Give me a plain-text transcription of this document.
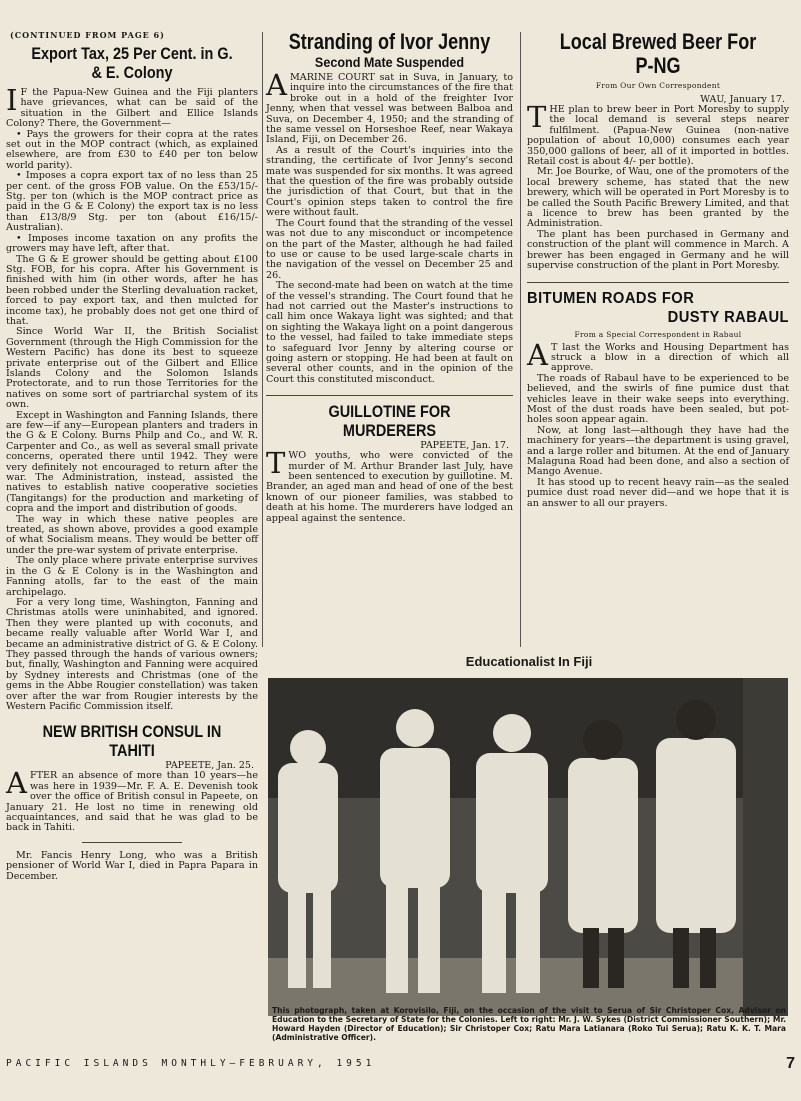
(CONTINUED FROM PAGE 6)
Export Tax, 25 Per Cent. in G. & E. Colony
I F the Papua-New Guinea and the Fiji planters have grievances, what can be said of the situation in the Gilbert and Ellice Islands Colony? There, the Government—

• Pays the growers for their copra at the rates set out in the MOP contract (which, as explained elsewhere, are from £30 to £40 per ton below world parity).

• Imposes a copra export tax of no less than 25 per cent. of the gross FOB value. On the £53/15/- Stg. per ton (which is the MOP contract price as paid in the G & E Colony) the export tax is no less than £13/8/9 Stg. per ton (about £16/15/- Australian).

• Imposes income taxation on any profits the growers may have left, after that.

The G & E grower should be getting about £100 Stg. FOB, for his copra. After his Government is finished with him (in other words, after he has been robbed under the Sterling devaluation racket, forced to pay export tax, and then mulcted for income tax), he probably does not get one third of that.

Since World War II, the British Socialist Government (through the High Commission for the Western Pacific) has done its best to squeeze private enterprise out of the Gilbert and Ellice Islands Colony and the Solomon Islands Protectorate, and to run those Territories for the natives on some sort of partriarchal system of its own.

Except in Washington and Fanning Islands, there are few—if any—European planters and traders in the G & E Colony. Burns Philp and Co., and W. R. Carpenter and Co., as well as several small private concerns, operated there until 1942. They were very definitely not encouraged to return after the war. The Administration, instead, assisted the natives to establish native cooperative societies (Tangitangs) for the production and marketing of copra and the import and distribution of goods.

The way in which these native peoples are treated, as shown above, provides a good example of what Socialism means. They would be better off under the pre-war system of private enterprise.

The only place where private enterprise survives in the G & E Colony is in the Washington and Fanning atolls, far to the east of the main archipelago.

For a very long time, Washington, Fanning and Christmas atolls were uninhabited, and ignored. Then they were planted up with coconuts, and became really valuable after World War I, and became an administrative district of G. & E Colony. They passed through the hands of various owners; but, finally, Washington and Fanning were acquired by Sydney interests and Christmas (one of the gems in the Abbe Rougier constellation) was taken over after the war from Rougier interests by the Western Pacific Commission itself.

NEW BRITISH CONSUL IN TAHITI
PAPEETE, Jan. 25.
A FTER an absence of more than 10 years—he was here in 1939—Mr. F. A. E. Devenish took over the office of British consul in Papeete, on January 21. He lost no time in renewing old acquaintances, and said that he was glad to be back in Tahiti.

Mr. Fancis Henry Long, who was a British pensioner of World War I, died in Papra Papara in December.

Stranding of Ivor Jenny
Second Mate Suspended
A MARINE COURT sat in Suva, in January, to inquire into the circumstances of the fire that broke out in a hold of the freighter Ivor Jenny, when that vessel was between Balboa and Suva, on December 4, 1950; and the stranding of the same vessel on Horseshoe Reef, near Wakaya Island, Fiji, on December 26.

As a result of the Court's inquiries into the stranding, the certificate of Ivor Jenny's second mate was suspended for six months. It was agreed that the question of the fire was probably outside the jurisdiction of that Court, but that in the Court's opinion steps taken to control the fire were without fault.

The Court found that the stranding of the vessel was not due to any misconduct or incompetence on the part of the Master, although he had failed to use or cause to be used large-scale charts in the navigation of the vessel on December 25 and 26.

The second-mate had been on watch at the time of the vessel's stranding. The Court found that he had not carried out the Master's instructions to call him once Wakaya light was sighted; and that on sighting the Wakaya light on a point dangerous to the vessel, had failed to take immediate steps to safeguard Ivor Jenny by altering course or going astern or stopping. He had been at fault on several other counts, and in the opinion of the Court this constituted misconduct.

GUILLOTINE FOR MURDERERS
PAPEETE, Jan. 17.
T WO youths, who were convicted of the murder of M. Arthur Brander last July, have been sentenced to execution by guillotine. M. Brander, an aged man and head of one of the best known of our pioneer families, was stabbed to death at his home. The murderers have lodged an appeal against the sentence.

Local Brewed Beer For P-NG
From Our Own Correspondent
WAU, January 17.
T HE plan to brew beer in Port Moresby to supply the local demand is several steps nearer fulfilment. (Papua-New Guinea (non-native population of about 10,000) consumes each year 350,000 gallons of beer, all of it imported in bottles. Retail cost is about 4/- per bottle).

Mr. Joe Bourke, of Wau, one of the promoters of the local brewery scheme, has stated that the new brewery, which will be operated in Port Moresby is to be called the South Pacific Brewery Limited, and that a licence to brew has been granted by the Administration.

The plant has been purchased in Germany and construction of the plant will commence in March. A brewer has been engaged in Germany and he will supervise construction of the plant in Port Moresby.

BITUMEN ROADS FOR
DUSTY RABAUL
From a Special Correspondent in Rabaul
A T last the Works and Housing Department has struck a blow in a direction of which all approve.

The roads of Rabaul have to be experienced to be believed, and the swirls of fine pumice dust that vehicles leave in their wake seeps into everything. Most of the dust roads have been sealed, but pot-holes soon appear again.

Now, at long last—although they have had the machinery for years—the department is using gravel, and a large roller and bitumen. At the end of January Malaguna Road had been done, and also a section of Mango Avenue.

It has stood up to recent heavy rain—as the sealed pumice dust road never did—and we hope that it is an answer to all our prayers.

Educationalist In Fiji
This photograph, taken at Korovisilo, Fiji, on the occasion of the visit to Serua of Sir Christoper Cox, Advisor on Education to the Secretary of State for the Colonies. Left to right: Mr. J. W. Sykes (District Commissioner Southern); Mr. Howard Hayden (Director of Education); Sir Christoper Cox; Ratu Mara Latianara (Roko Tui Serua); Ratu K. K. T. Mara (Administrative Officer).
PACIFIC ISLANDS MONTHLY—FEBRUARY, 1951	7
